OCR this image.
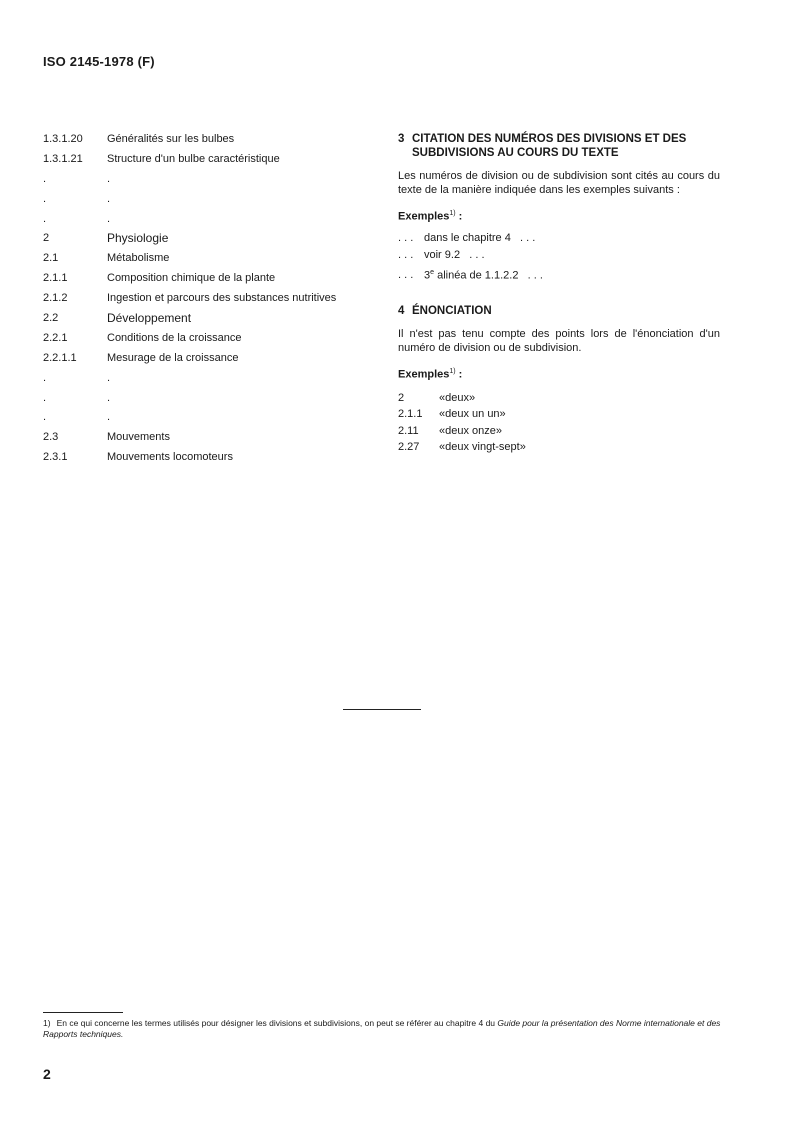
ISO 2145-1978 (F)
1.3.1.20	Généralités sur les bulbes
1.3.1.21	Structure d'un bulbe caractéristique
.	.
.	.
.	.
2	Physiologie
2.1	Métabolisme
2.1.1	Composition chimique de la plante
2.1.2	Ingestion et parcours des substances nutritives
2.2	Développement
2.2.1	Conditions de la croissance
2.2.1.1	Mesurage de la croissance
.	.
.	.
.	.
2.3	Mouvements
2.3.1	Mouvements locomoteurs
3 CITATION DES NUMÉROS DES DIVISIONS ET DES SUBDIVISIONS AU COURS DU TEXTE

Les numéros de division ou de subdivision sont cités au cours du texte de la manière indiquée dans les exemples suivants :

Exemples$^{1)}$ :
. . . dans le chapitre 4 . . .
. . . voir 9.2 . . .
. . . 3e alinéa de 1.1.2.2 . . .
4 ÉNONCIATION

Il n'est pas tenu compte des points lors de l'énonciation d'un numéro de division ou de subdivision.

Exemples$^{1)}$ :
2	«deux»
2.1.1	«deux un un»
2.11	«deux onze»
2.27	«deux vingt-sept»
1) En ce qui concerne les termes utilisés pour désigner les divisions et subdivisions, on peut se référer au chapitre 4 du Guide pour la présentation des Norme internationale et des Rapports techniques.
2
